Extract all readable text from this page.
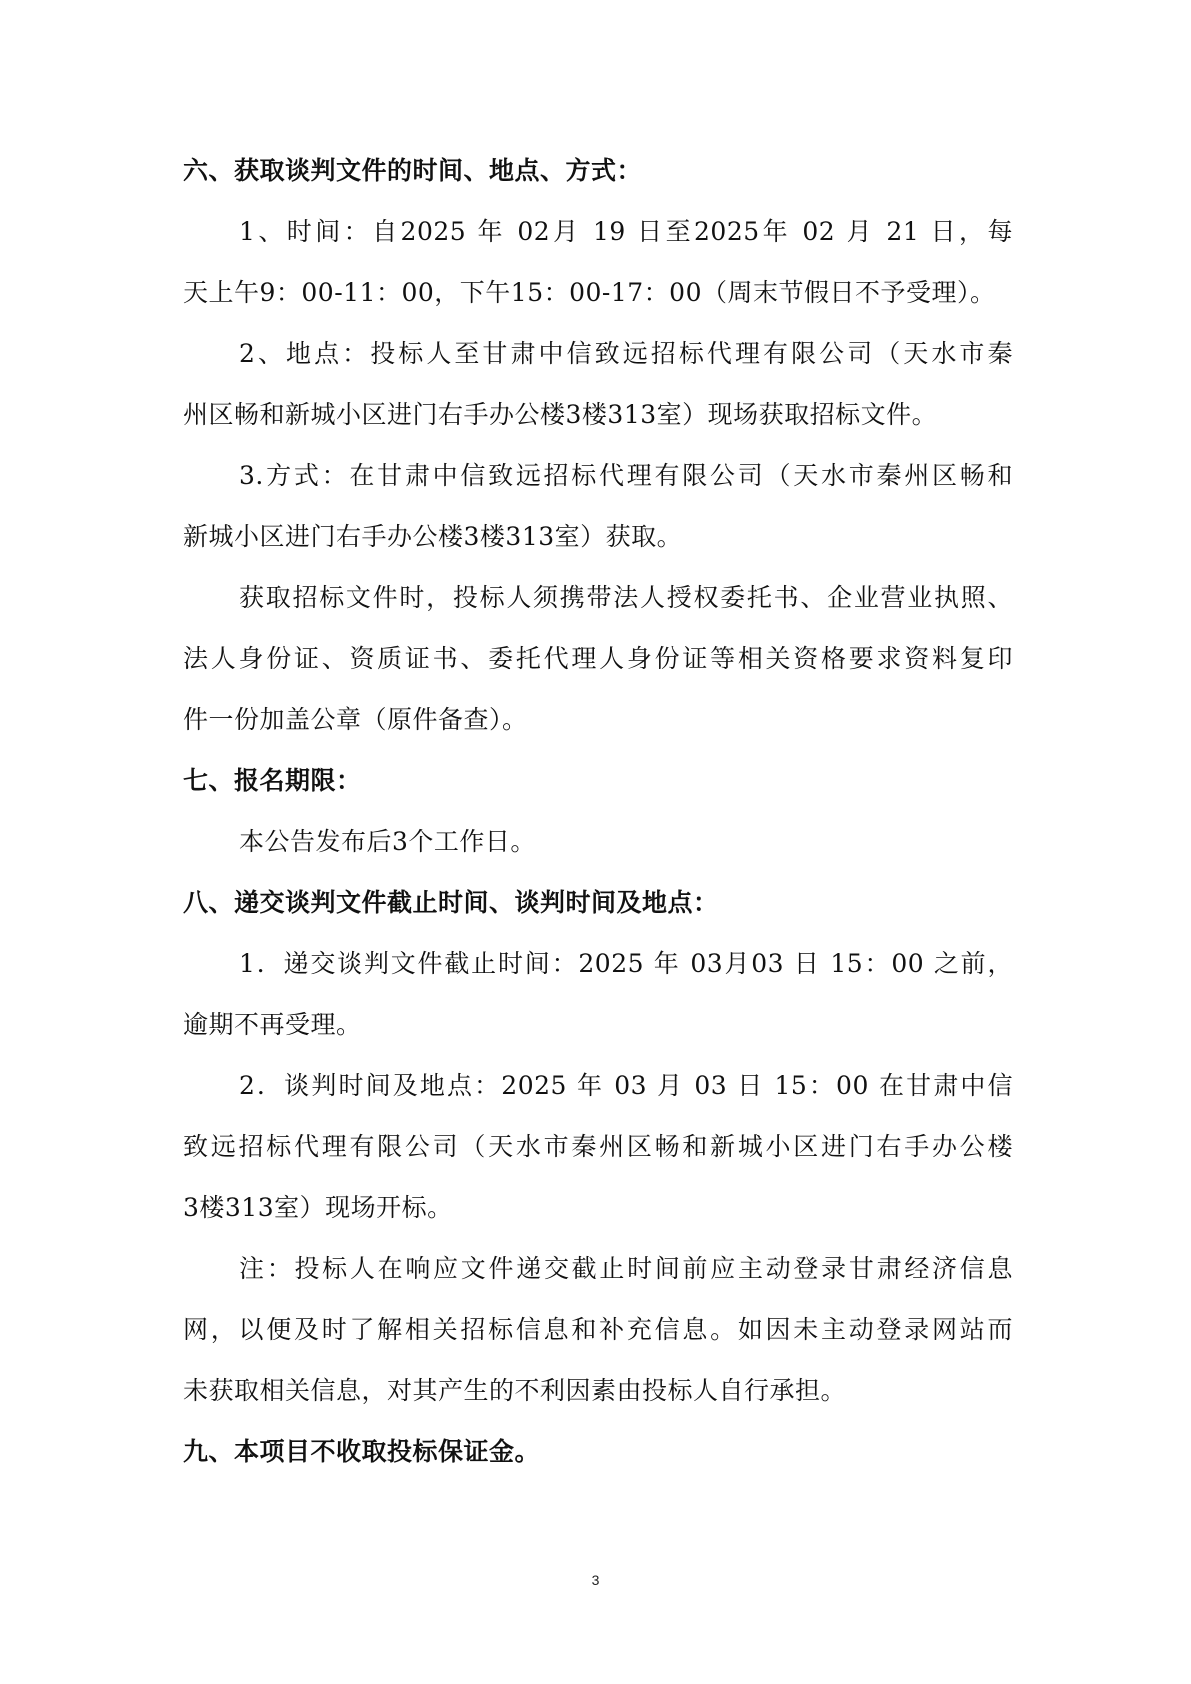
六、获取谈判文件的时间、地点、方式：
1、时间：自2025 年 02月 19 日至2025年 02 月 21 日，每
天上午9：00-11：00，下午15：00-17：00（周末节假日不予受理）。
2、地点：投标人至甘肃中信致远招标代理有限公司（天水市秦
州区畅和新城小区进门右手办公楼3楼313室）现场获取招标文件。
3.方式：在甘肃中信致远招标代理有限公司（天水市秦州区畅和
新城小区进门右手办公楼3楼313室）获取。
获取招标文件时，投标人须携带法人授权委托书、企业营业执照、
法人身份证、资质证书、委托代理人身份证等相关资格要求资料复印
件一份加盖公章（原件备查）。
七、报名期限：
本公告发布后3个工作日。
八、递交谈判文件截止时间、谈判时间及地点：
1．递交谈判文件截止时间：2025 年 03月03 日 15：00 之前，
逾期不再受理。
2．谈判时间及地点：2025 年 03 月 03 日 15：00 在甘肃中信
致远招标代理有限公司（天水市秦州区畅和新城小区进门右手办公楼
3楼313室）现场开标。
注：投标人在响应文件递交截止时间前应主动登录甘肃经济信息
网，以便及时了解相关招标信息和补充信息。如因未主动登录网站而
未获取相关信息，对其产生的不利因素由投标人自行承担。
九、本项目不收取投标保证金。
3
